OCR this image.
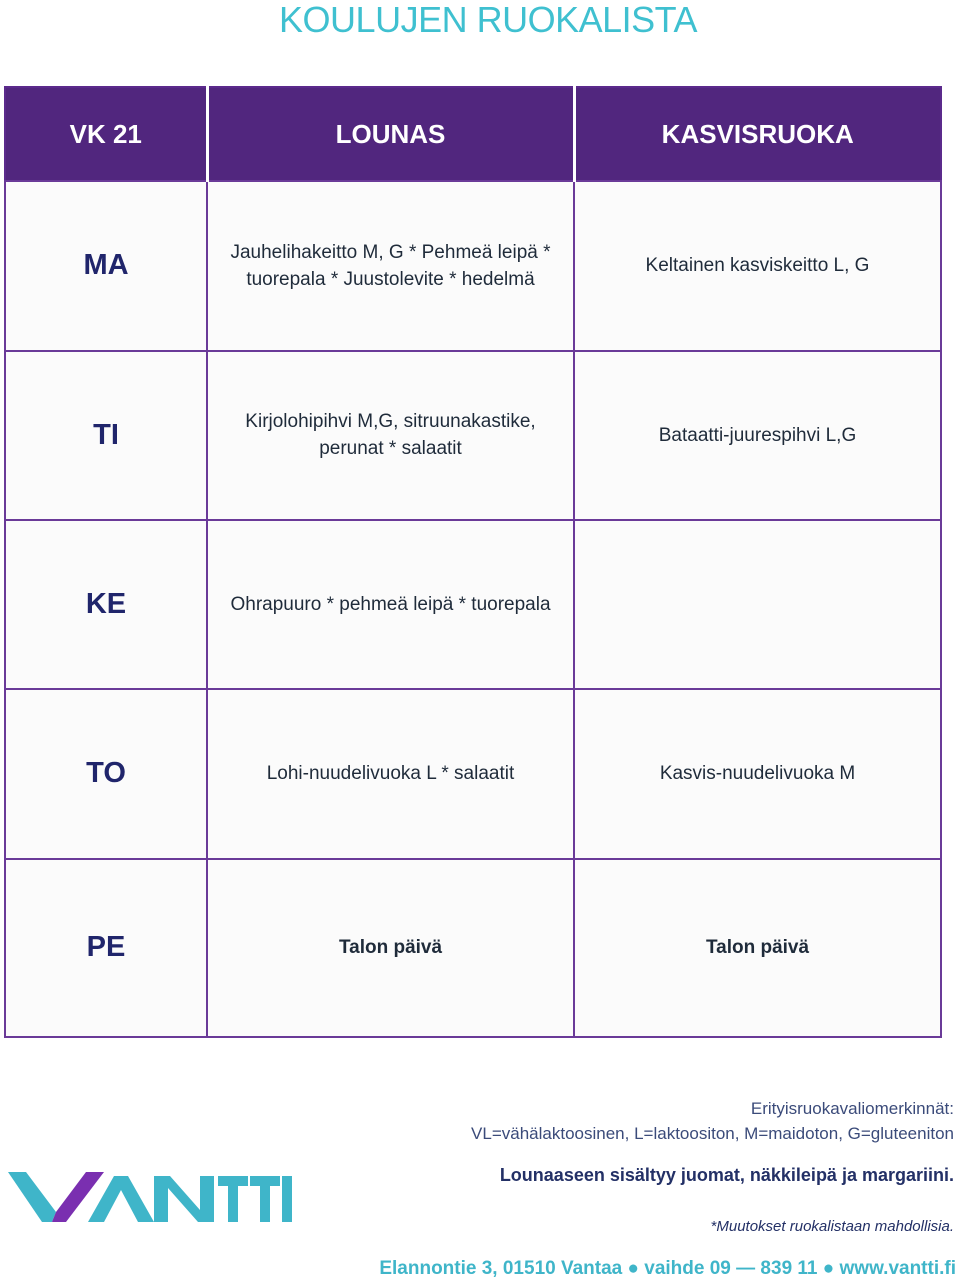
KOULUJEN RUOKALISTA
VK 21	LOUNAS	KASVISRUOKA
MA	Jauhelihakeitto M, G * Pehmeä leipä * tuorepala * Juustolevite * hedelmä	Keltainen kasviskeitto L, G
TI	Kirjolohipihvi M,G, sitruunakastike, perunat * salaatit	Bataatti-juurespihvi L,G
KE	Ohrapuuro * pehmeä leipä * tuorepala	
TO	Lohi-nuudelivuoka L * salaatit	Kasvis-nuudelivuoka M
PE	Talon päivä	Talon päivä
Erityisruokavaliomerkinnät:
VL=vähälaktoosinen, L=laktoositon, M=maidoton, G=gluteeniton
Lounaaseen sisältyy juomat, näkkileipä ja margariini.
*Muutokset ruokalistaan mahdollisia.
Elannontie 3, 01510 Vantaa ● vaihde 09 — 839 11 ● www.vantti.fi
